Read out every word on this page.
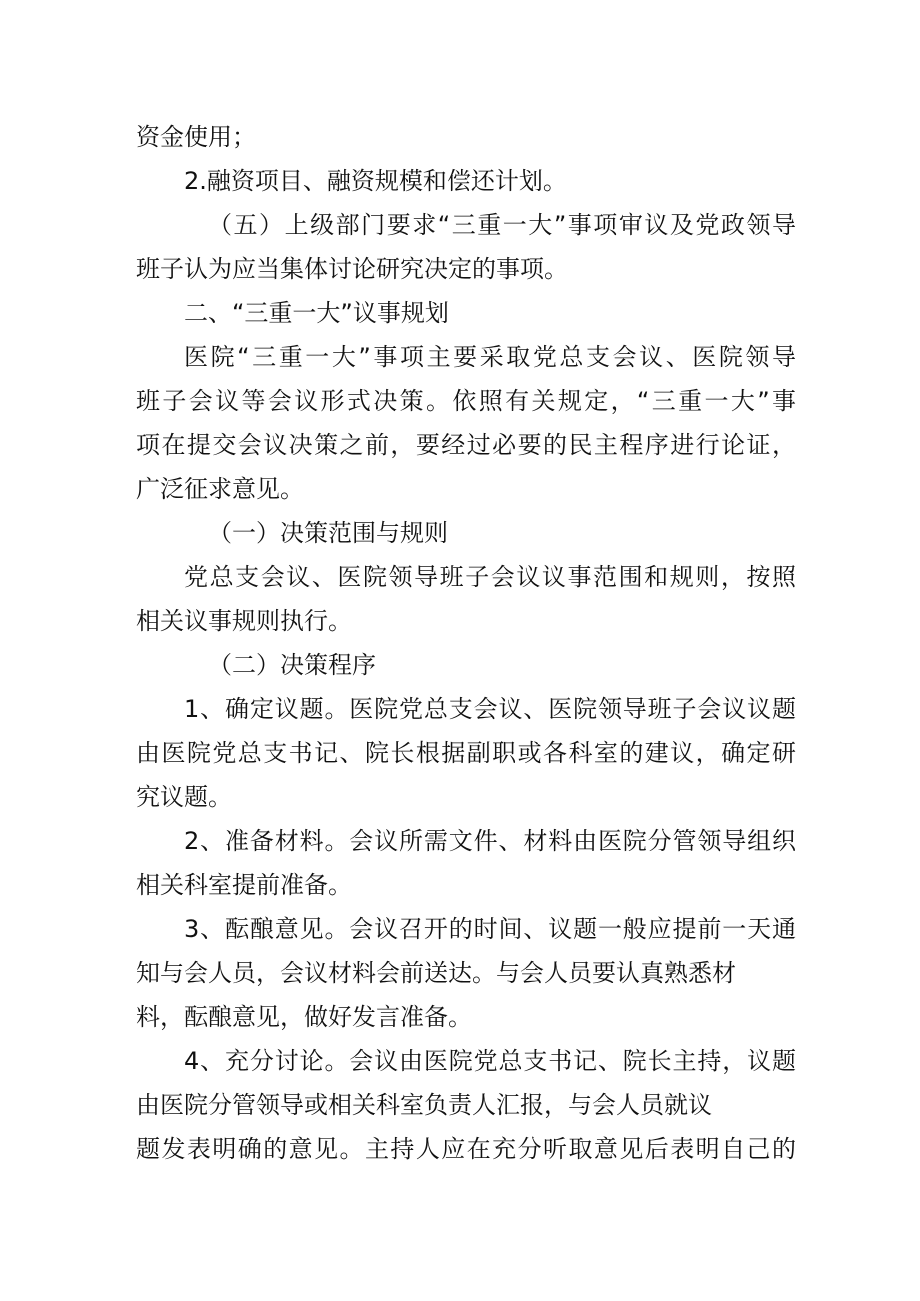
资金使用；
2.融资项目、融资规模和偿还计划。
（五）上级部门要求“三重一大”事项审议及党政领导
班子认为应当集体讨论研究决定的事项。
二、“三重一大”议事规划
医院“三重一大”事项主要采取党总支会议、医院领导
班子会议等会议形式决策。依照有关规定，“三重一大”事
项在提交会议决策之前，要经过必要的民主程序进行论证，
广泛征求意见。
（一）决策范围与规则
党总支会议、医院领导班子会议议事范围和规则，按照
相关议事规则执行。
（二）决策程序
1、确定议题。医院党总支会议、医院领导班子会议议题
由医院党总支书记、院长根据副职或各科室的建议，确定研
究议题。
2、准备材料。会议所需文件、材料由医院分管领导组织
相关科室提前准备。
3、酝酿意见。会议召开的时间、议题一般应提前一天通
知与会人员，会议材料会前送达。与会人员要认真熟悉材
料，酝酿意见，做好发言准备。
4、充分讨论。会议由医院党总支书记、院长主持，议题
由医院分管领导或相关科室负责人汇报，与会人员就议
题发表明确的意见。主持人应在充分听取意见后表明自己的
